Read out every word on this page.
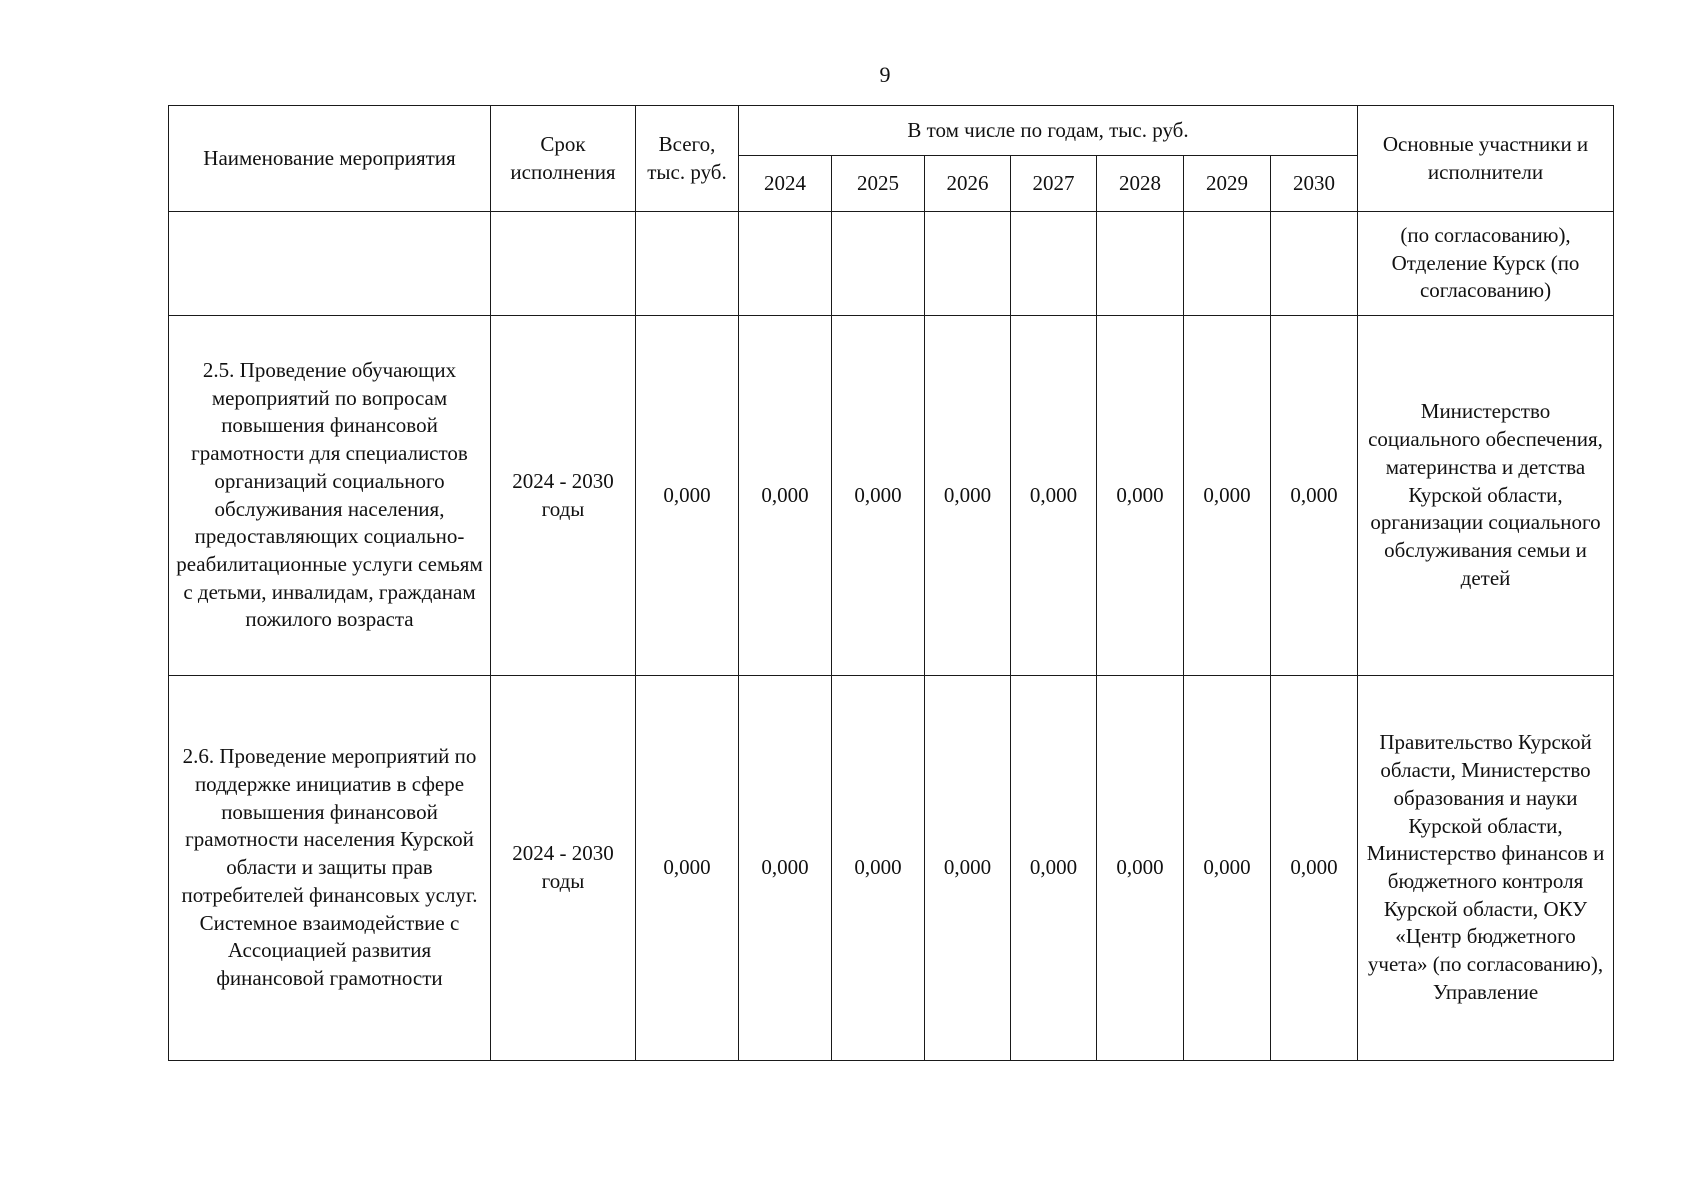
9
Наименование мероприятия	Срок исполнения	Всего, тыс. руб.	В том числе по годам, тыс. руб.							Основные участники и исполнители
			2024	2025	2026	2027	2028	2029	2030	
										(по согласованию), Отделение Курск (по согласованию)
2.5. Проведение обучающих мероприятий по вопросам повышения финансовой грамотности для специалистов организаций социального обслуживания населения, предоставляющих социально-реабилитационные услуги семьям с детьми, инвалидам, гражданам пожилого возраста	2024 - 2030 годы	0,000	0,000	0,000	0,000	0,000	0,000	0,000	0,000	Министерство социального обеспечения, материнства и детства Курской области, организации социального обслуживания семьи и детей
2.6. Проведение мероприятий по поддержке инициатив в сфере повышения финансовой грамотности населения Курской области и защиты прав потребителей финансовых услуг. Системное взаимодействие с Ассоциацией развития финансовой грамотности	2024 - 2030 годы	0,000	0,000	0,000	0,000	0,000	0,000	0,000	0,000	Правительство Курской области, Министерство образования и науки Курской области, Министерство финансов и бюджетного контроля Курской области, ОКУ «Центр бюджетного учета» (по согласованию), Управление
